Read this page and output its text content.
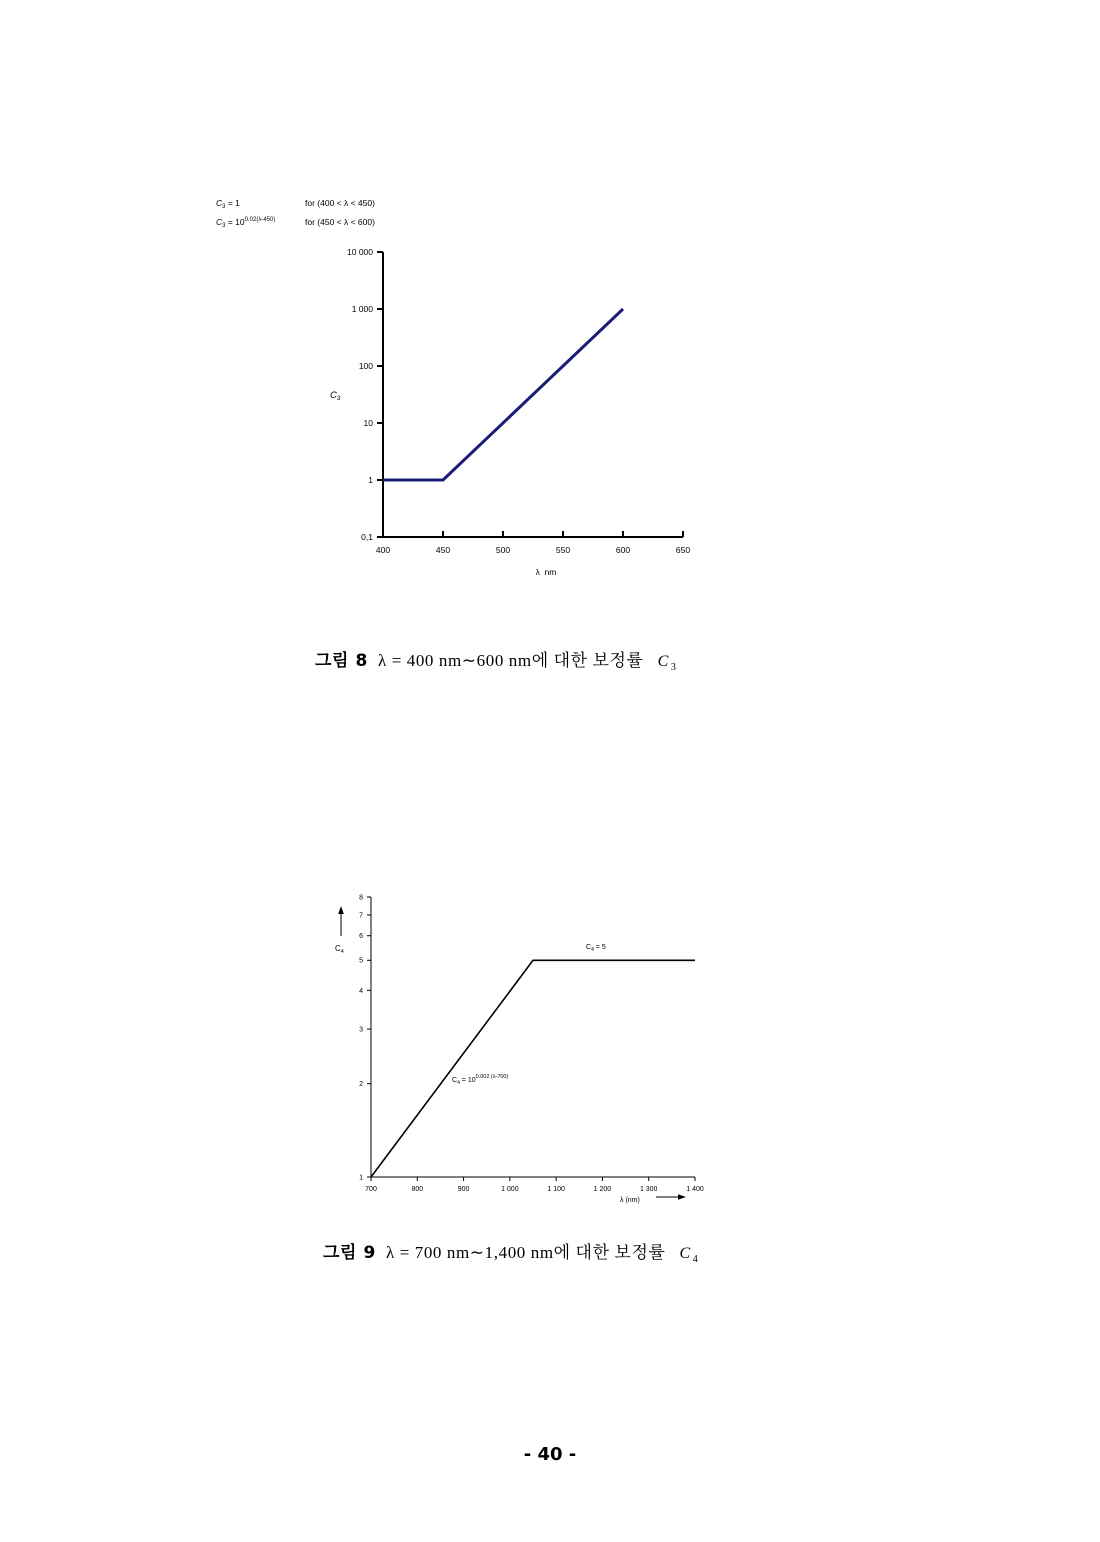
$C_3 = 1$	for (400 < λ < 450)
$C_3 = 10^{0.02(\lambda-450)}$	for (450 < λ < 600)
$C_3$
λ  nm
400	450	500	550	600	650
0,1
1
10
100
1 000
10 000
그림 8 λ = 400 nm∼600 nm에 대한 보정률 C $_3$
$C_4$
λ (nm)
$C_4 = 5$
$C_4 = 10^{0.002 (\lambda-700)}$
700	800	900	1 000	1 100	1 200	1 300	1 400
1
2
3
4
5
6
7
8
그림 9 λ = 700 nm∼1,400 nm에 대한 보정률 C $_4$
- 40 -
